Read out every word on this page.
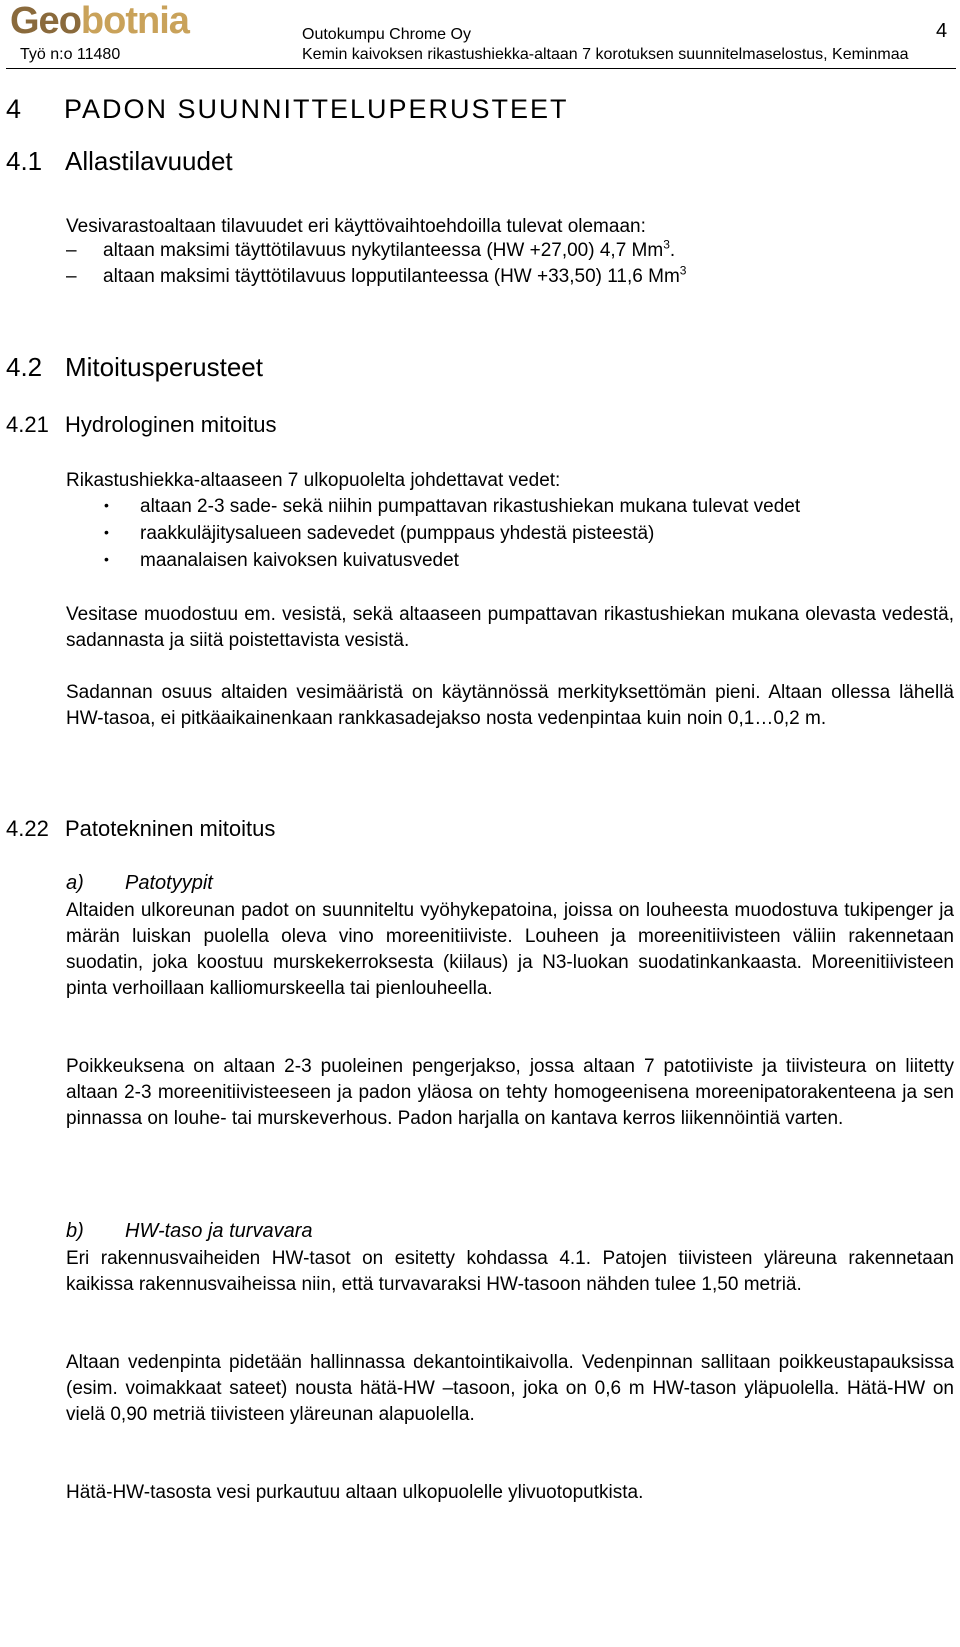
Geobotnia
Työ n:o 11480
Outokumpu Chrome Oy
Kemin kaivoksen rikastushiekka-altaan 7 korotuksen suunnitelmaselostus, Keminmaa
4
4 PADON SUUNNITTELUPERUSTEET
4.1 Allastilavuudet
Vesivarastoaltaan tilavuudet eri käyttövaihtoehdoilla tulevat olemaan:
– altaan maksimi täyttötilavuus nykytilanteessa (HW +27,00) 4,7 Mm$^3$.
– altaan maksimi täyttötilavuus lopputilanteessa (HW +33,50) 11,6 Mm$^3$
4.2 Mitoitusperusteet
4.21 Hydrologinen mitoitus
Rikastushiekka-altaaseen 7 ulkopuolelta johdettavat vedet:
• altaan 2-3 sade- sekä niihin pumpattavan rikastushiekan mukana tulevat vedet
• raakkuläjitysalueen sadevedet (pumppaus yhdestä pisteestä)
• maanalaisen kaivoksen kuivatusvedet
Vesitase muodostuu em. vesistä, sekä altaaseen pumpattavan rikastushiekan mukana olevasta vedestä, sadannasta ja siitä poistettavista vesistä.
Sadannan osuus altaiden vesimääristä on käytännössä merkityksettömän pieni. Altaan ollessa lähellä HW-tasoa, ei pitkäaikainenkaan rankkasadejakso nosta vedenpintaa kuin noin 0,1…0,2 m.
4.22 Patotekninen mitoitus
a) Patotyypit
Altaiden ulkoreunan padot on suunniteltu vyöhykepatoina, joissa on louheesta muodostuva tukipenger ja märän luiskan puolella oleva vino moreenitiiviste. Louheen ja moreenitiivisteen väliin rakennetaan suodatin, joka koostuu murskekerroksesta (kiilaus) ja N3-luokan suodatinkankaasta. Moreenitiivisteen pinta verhoillaan kalliomurskeella tai pienlouheella.
Poikkeuksena on altaan 2-3 puoleinen pengerjakso, jossa altaan 7 patotiiviste ja tiivisteura on liitetty altaan 2-3 moreenitiivisteeseen ja padon yläosa on tehty homogeenisena moreenipatorakenteena ja sen pinnassa on louhe- tai murskeverhous. Padon harjalla on kantava kerros liikennöintiä varten.
b) HW-taso ja turvavara
Eri rakennusvaiheiden HW-tasot on esitetty kohdassa 4.1. Patojen tiivisteen yläreuna rakennetaan kaikissa rakennusvaiheissa niin, että turvavaraksi HW-tasoon nähden tulee 1,50 metriä.
Altaan vedenpinta pidetään hallinnassa dekantointikaivolla. Vedenpinnan sallitaan poikkeustapauksissa (esim. voimakkaat sateet) nousta hätä-HW –tasoon, joka on 0,6 m HW-tason yläpuolella. Hätä-HW on vielä 0,90 metriä tiivisteen yläreunan alapuolella.
Hätä-HW-tasosta vesi purkautuu altaan ulkopuolelle ylivuotoputkista.
